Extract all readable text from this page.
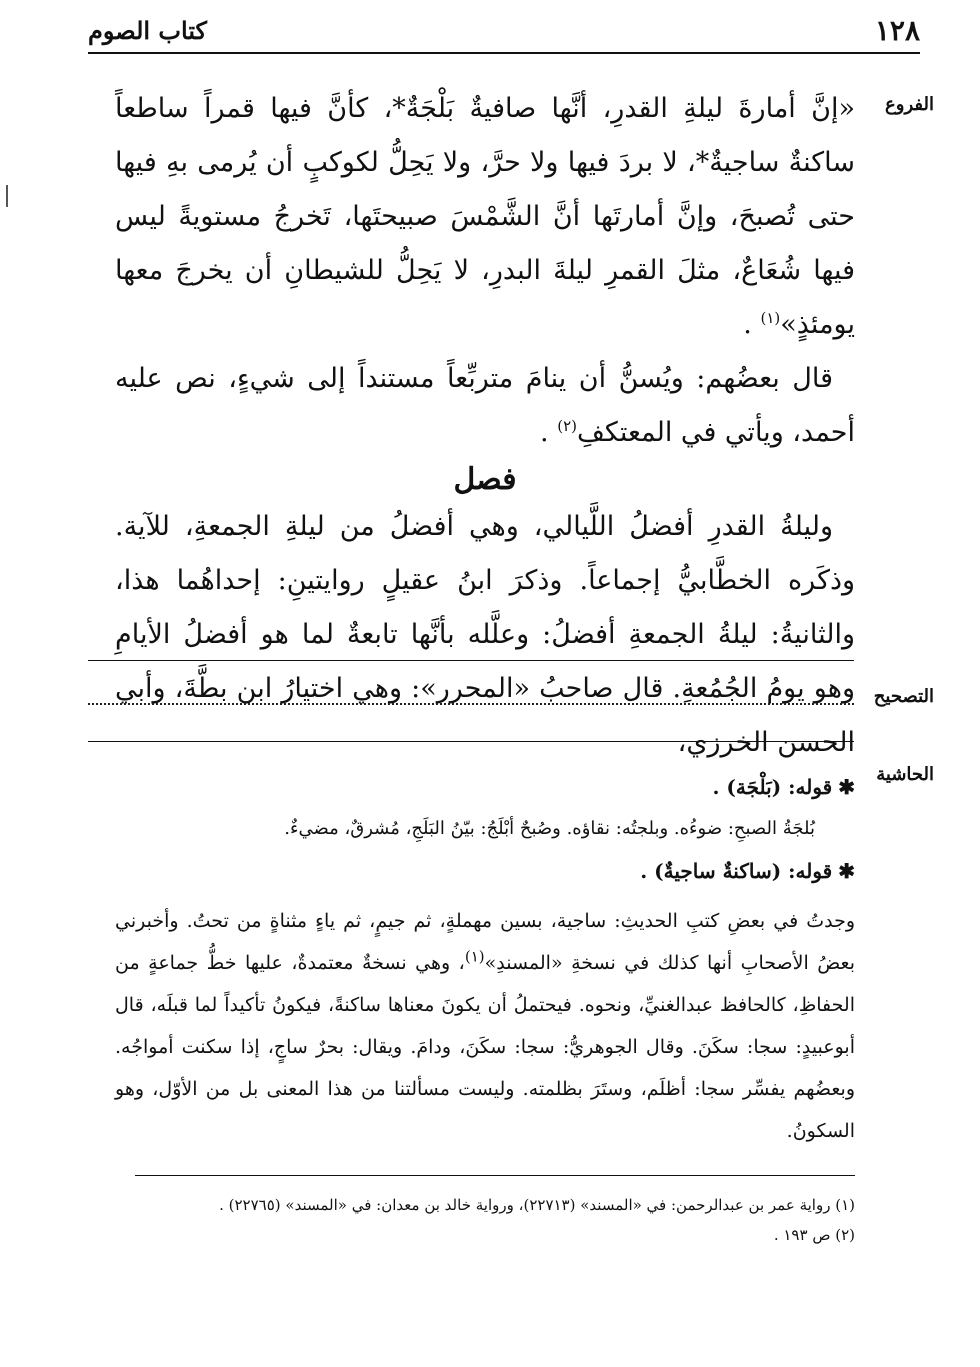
١٢٨
كتاب الصوم
الفروع
التصحيح
الحاشية

«إنَّ أمارةَ ليلةِ القدرِ، أنَّها صافيةٌ بَلْجَةٌ*، كأنَّ فيها قمراً ساطعاً ساكنةٌ ساجيةٌ*، لا بردَ فيها ولا حرَّ، ولا يَحِلُّ لكوكبٍ أن يُرمى بهِ فيها حتى تُصبحَ، وإنَّ أمارتَها أنَّ الشَّمْسَ صبيحتَها، تَخرجُ مستويةً ليس فيها شُعَاعٌ، مثلَ القمرِ ليلةَ البدرِ، لا يَحِلُّ للشيطانِ أن يخرجَ معها يومئذٍ»$^{(١)}$ .

قال بعضُهم: ويُسنُّ أن ينامَ متربِّعاً مستنداً إلى شيءٍ، نص عليه أحمد، ويأتي في المعتكفِ$^{(٢)}$ .

فصل

وليلةُ القدرِ أفضلُ اللَّيالي، وهي أفضلُ من ليلةِ الجمعةِ، للآية. وذكَره الخطَّابيُّ إجماعاً. وذكرَ ابنُ عقيلٍ روايتينِ: إحداهُما هذا، والثانيةُ: ليلةُ الجمعةِ أفضلُ: وعلَّله بأنَّها تابعةٌ لما هو أفضلُ الأيامِ وهو يومُ الجُمُعةِ. قال صاحبُ «المحرر»: وهي اختيارُ ابن بطَّةَ، وأبي الحسن الخرزي،

✱قوله: (بَلْجَة) .

بُلجَةُ الصبحِ: ضوءُه. وبلجتُه: نقاؤه. وصُبحٌ أبْلَجُ: بيّنُ البَلَجِ، مُشرقٌ، مضيءٌ.

✱قوله: (ساكنةٌ ساجيةٌ) .

وجدتُ في بعضِ كتبِ الحديثِ: ساجية، بسين مهملةٍ، ثم جيمٍ، ثم ياءٍ مثناةٍ من تحتُ. وأخبرني بعضُ الأصحابِ أنها كذلك في نسخةِ «المسندِ»$^{(١)}$، وهي نسخةٌ معتمدةٌ، عليها خطُّ جماعةٍ من الحفاظِ، كالحافظ عبدالغنيِّ، ونحوه. فيحتملُ أن يكونَ معناها ساكنةً، فيكونُ تأكيداً لما قبلَه، قال أبوعبيدٍ: سجا: سكَنَ. وقال الجوهريُّ: سجا: سكَنَ، ودامَ. ويقال: بحرٌ ساجٍ، إذا سكنت أمواجُه. وبعضُهم يفسِّر سجا: أظلَم، وستَرَ بظلمته. وليست مسألتنا من هذا المعنى بل من الأوّل، وهو السكونُ.

(١) رواية عمر بن عبدالرحمن: في «المسند» (٢٢٧١٣)، ورواية خالد بن معدان: في «المسند» (٢٢٧٦٥) .

(٢) ص ١٩٣ .
